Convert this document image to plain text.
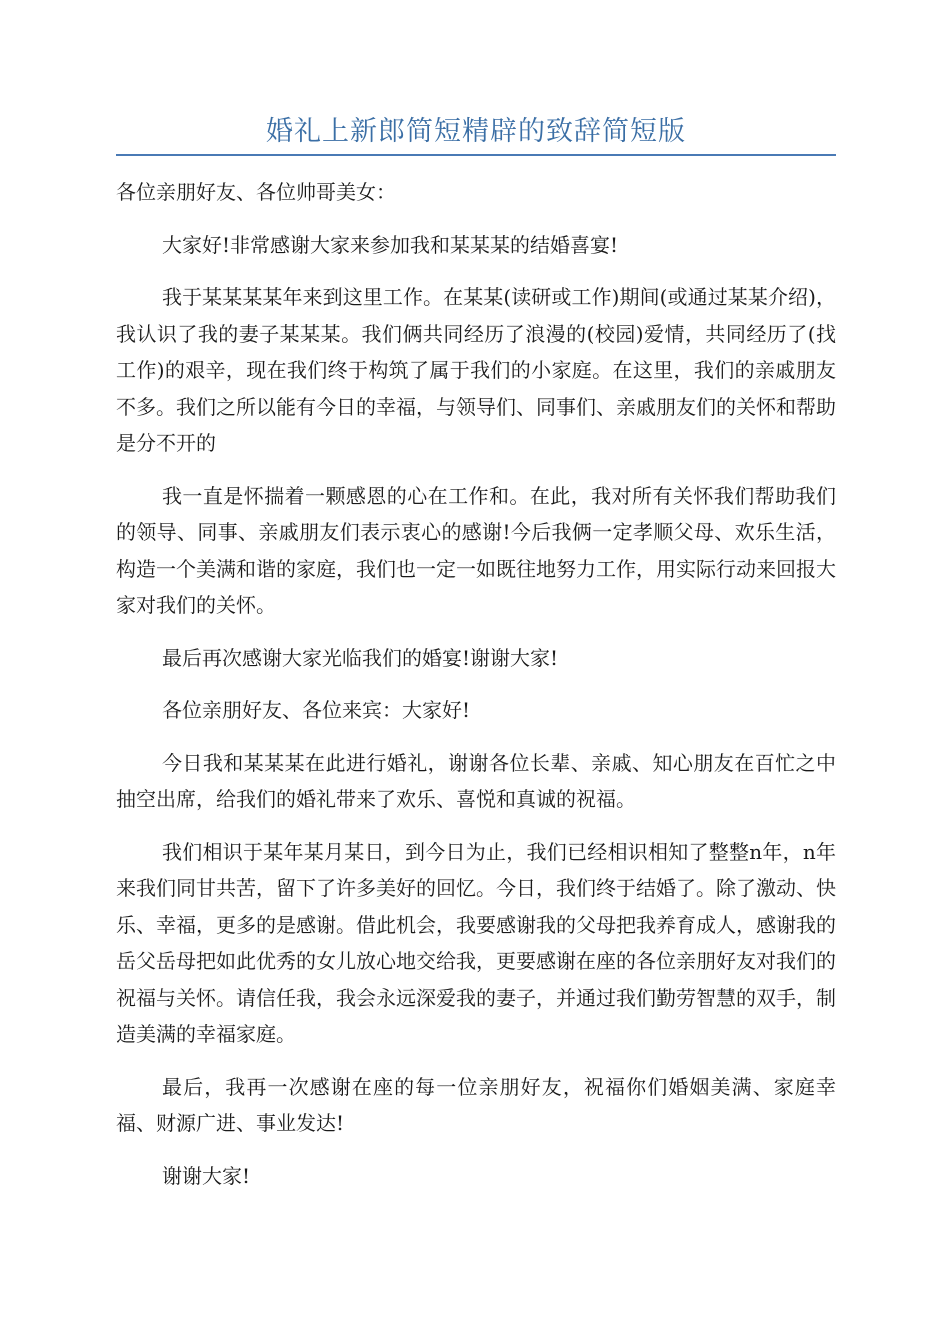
婚礼上新郎简短精辟的致辞简短版

各位亲朋好友、各位帅哥美女：

大家好!非常感谢大家来参加我和某某某的结婚喜宴!

我于某某某某年来到这里工作。在某某(读研或工作)期间(或通过某某介绍)，我认识了我的妻子某某某。我们俩共同经历了浪漫的(校园)爱情，共同经历了(找工作)的艰辛，现在我们终于构筑了属于我们的小家庭。在这里，我们的亲戚朋友不多。我们之所以能有今日的幸福，与领导们、同事们、亲戚朋友们的关怀和帮助是分不开的

我一直是怀揣着一颗感恩的心在工作和。在此，我对所有关怀我们帮助我们的领导、同事、亲戚朋友们表示衷心的感谢!今后我俩一定孝顺父母、欢乐生活，构造一个美满和谐的家庭，我们也一定一如既往地努力工作，用实际行动来回报大家对我们的关怀。

最后再次感谢大家光临我们的婚宴!谢谢大家!

各位亲朋好友、各位来宾：大家好!

今日我和某某某在此进行婚礼，谢谢各位长辈、亲戚、知心朋友在百忙之中抽空出席，给我们的婚礼带来了欢乐、喜悦和真诚的祝福。

我们相识于某年某月某日，到今日为止，我们已经相识相知了整整n年，n年来我们同甘共苦，留下了许多美好的回忆。今日，我们终于结婚了。除了激动、快乐、幸福，更多的是感谢。借此机会，我要感谢我的父母把我养育成人，感谢我的岳父岳母把如此优秀的女儿放心地交给我，更要感谢在座的各位亲朋好友对我们的祝福与关怀。请信任我，我会永远深爱我的妻子，并通过我们勤劳智慧的双手，制造美满的幸福家庭。

最后，我再一次感谢在座的每一位亲朋好友，祝福你们婚姻美满、家庭幸福、财源广进、事业发达!

谢谢大家!
